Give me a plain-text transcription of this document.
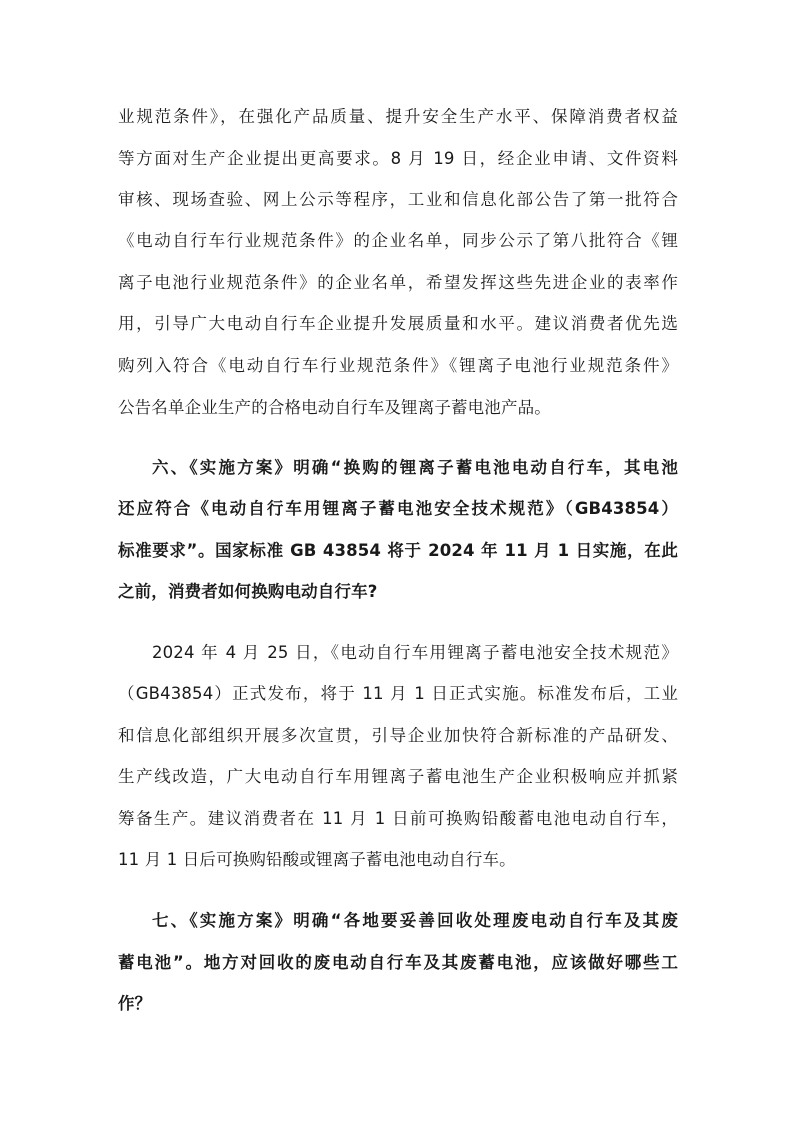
业规范条件》，在强化产品质量、提升安全生产水平、保障消费者权益
等方面对生产企业提出更高要求。8 月 19 日，经企业申请、文件资料
审核、现场查验、网上公示等程序，工业和信息化部公告了第一批符合
《电动自行车行业规范条件》的企业名单，同步公示了第八批符合《锂
离子电池行业规范条件》的企业名单，希望发挥这些先进企业的表率作
用，引导广大电动自行车企业提升发展质量和水平。建议消费者优先选
购列入符合《电动自行车行业规范条件》《锂离子电池行业规范条件》
公告名单企业生产的合格电动自行车及锂离子蓄电池产品。
六、《实施方案》明确“换购的锂离子蓄电池电动自行车，其电池
还应符合《电动自行车用锂离子蓄电池安全技术规范》（GB43854）
标准要求”。国家标准 GB 43854 将于 2024 年 11 月 1 日实施，在此
之前，消费者如何换购电动自行车?
2024 年 4 月 25 日，《电动自行车用锂离子蓄电池安全技术规范》
（GB43854）正式发布，将于 11 月 1 日正式实施。标准发布后，工业
和信息化部组织开展多次宣贯，引导企业加快符合新标准的产品研发、
生产线改造，广大电动自行车用锂离子蓄电池生产企业积极响应并抓紧
筹备生产。建议消费者在 11 月 1 日前可换购铅酸蓄电池电动自行车，
11 月 1 日后可换购铅酸或锂离子蓄电池电动自行车。
七、《实施方案》明确“各地要妥善回收处理废电动自行车及其废
蓄电池”。地方对回收的废电动自行车及其废蓄电池，应该做好哪些工
作？
